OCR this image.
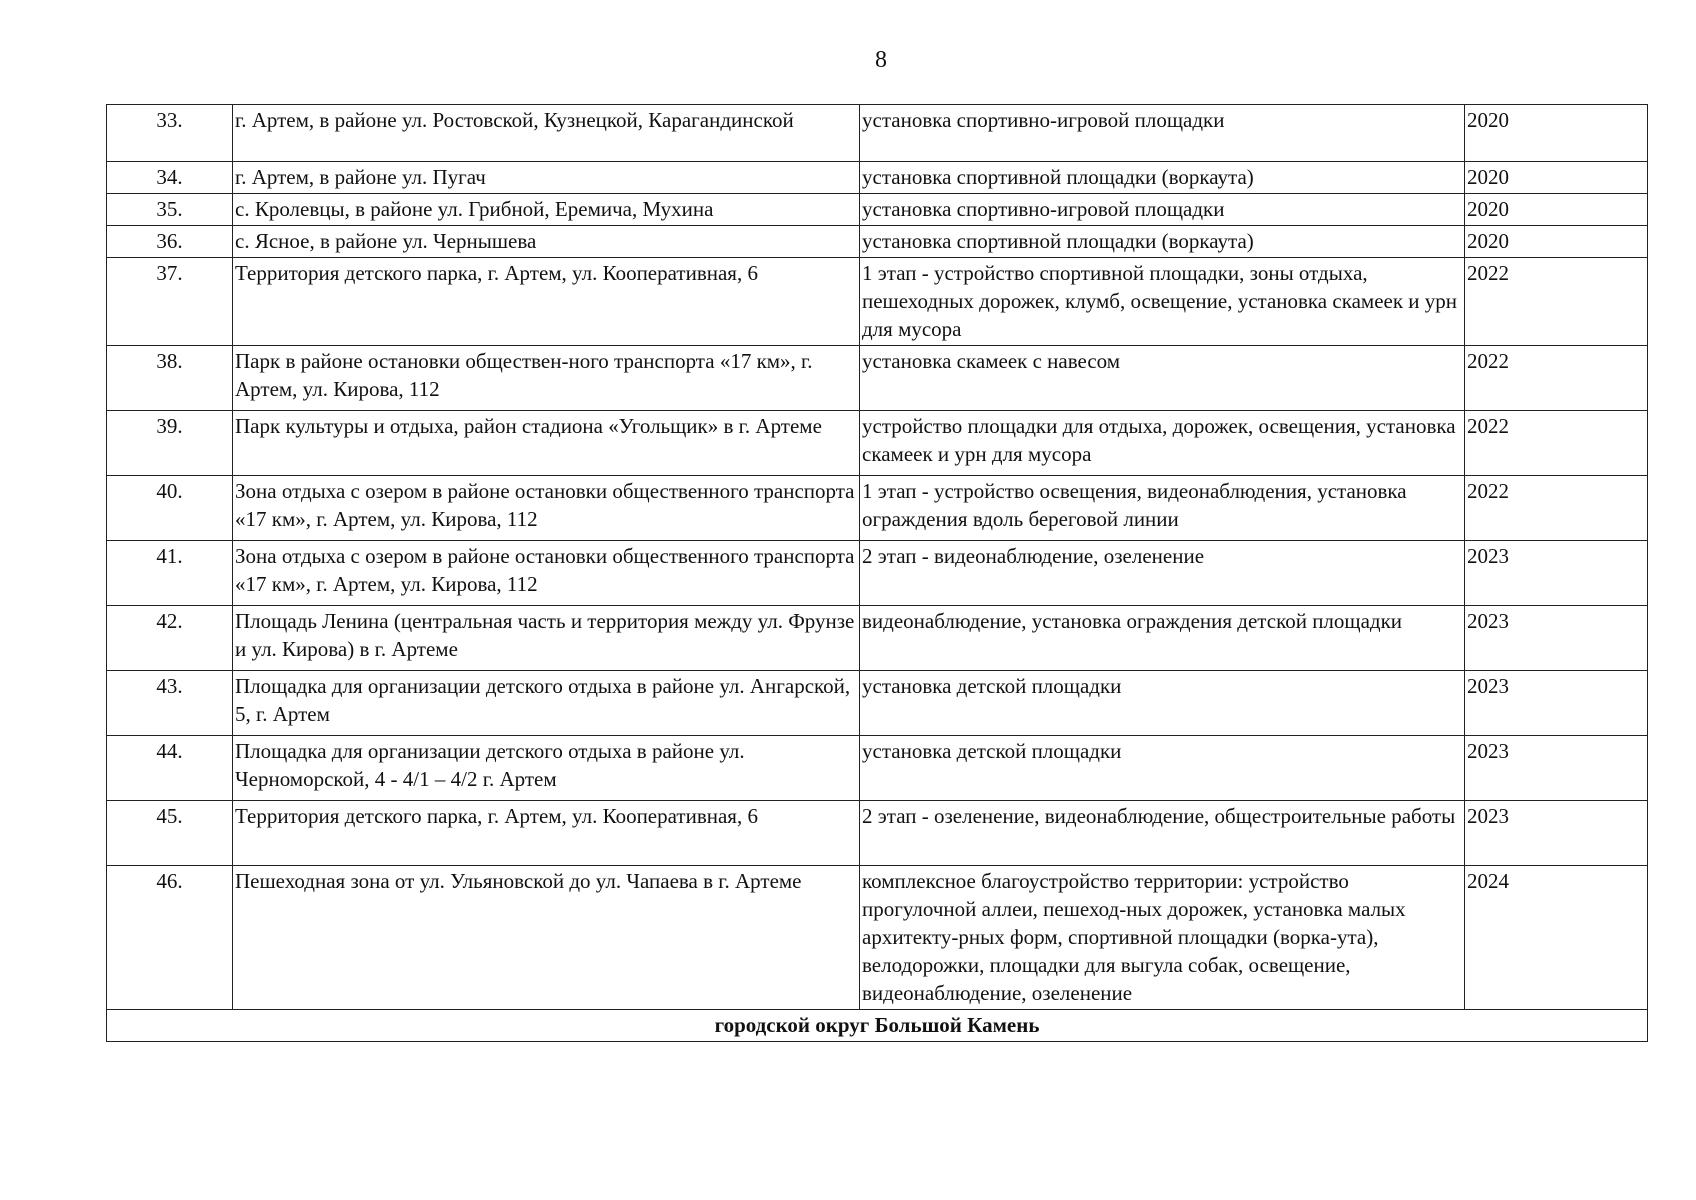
8
33.	г. Артем, в районе ул. Ростовской, Кузнецкой, Карагандинской	установка спортивно-игровой площадки	2020
34.	г. Артем, в районе ул. Пугач	установка спортивной площадки (воркаута)	2020
35.	с. Кролевцы, в районе ул. Грибной, Еремича, Мухина	установка спортивно-игровой площадки	2020
36.	с. Ясное, в районе ул. Чернышева	установка спортивной площадки (воркаута)	2020
37.	Территория детского парка, г. Артем, ул. Кооперативная, 6	1 этап - устройство спортивной площадки, зоны отдыха, пешеходных дорожек, клумб, освещение, установка скамеек и урн для мусора	2022
38.	Парк в районе остановки обществен-ного транспорта «17 км», г. Артем, ул. Кирова, 112	установка скамеек с навесом	2022
39.	Парк культуры и отдыха, район стадиона «Угольщик» в г. Артеме	устройство площадки для отдыха, дорожек, освещения, установка скамеек и урн для мусора	2022
40.	Зона отдыха с озером в районе остановки общественного транспорта «17 км», г. Артем, ул. Кирова, 112	1 этап - устройство освещения, видеонаблюдения, установка ограждения вдоль береговой линии	2022
41.	Зона отдыха с озером в районе остановки общественного транспорта «17 км», г. Артем, ул. Кирова, 112	2 этап - видеонаблюдение, озеленение	2023
42.	Площадь Ленина (центральная часть и территория между ул. Фрунзе и ул. Кирова) в г. Артеме	видеонаблюдение, установка ограждения детской площадки	2023
43.	Площадка для организации детского отдыха в районе ул. Ангарской, 5, г. Артем	установка детской площадки	2023
44.	Площадка для организации детского отдыха в районе ул. Черноморской, 4 - 4/1 – 4/2 г. Артем	установка детской площадки	2023
45.	Территория детского парка, г. Артем, ул. Кооперативная, 6	2 этап - озеленение, видеонаблюдение, общестроительные работы	2023
46.	Пешеходная зона от ул. Ульяновской до ул. Чапаева в г. Артеме	комплексное благоустройство территории: устройство прогулочной аллеи, пешеход-ных дорожек, установка малых архитекту-рных форм, спортивной площадки (ворка-ута), велодорожки, площадки для выгула собак, освещение, видеонаблюдение, озеленение	2024
городской округ Большой Камень			
